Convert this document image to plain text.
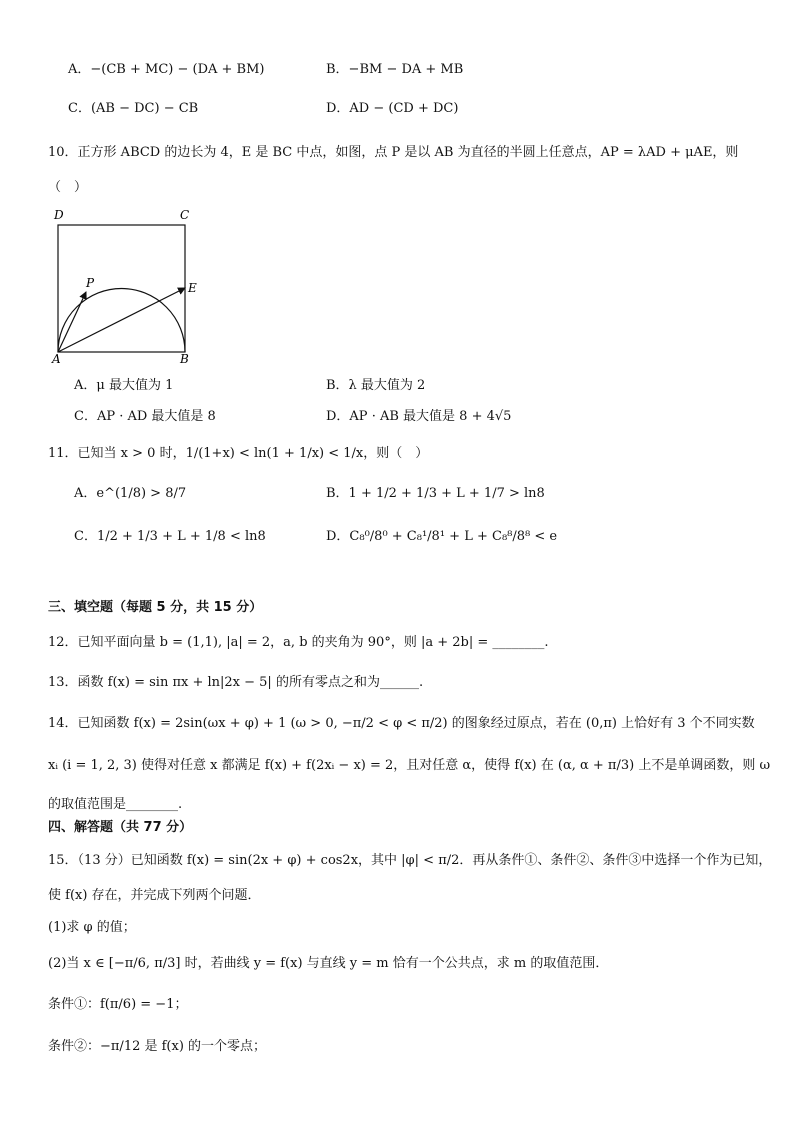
A．−(CB + MC) − (DA + BM)	B．−BM − DA + MB
C．(AB − DC) − CB	D．AD − (CD + DC)
10．正方形 ABCD 的边长为 4，E 是 BC 中点，如图，点 P 是以 AB 为直径的半圆上任意点，AP = λAD + μAE，则
（　）
D	C
A	B
P	E
A．μ 最大值为 1	B．λ 最大值为 2
C．AP · AD 最大值是 8	D．AP · AB 最大值是 8 + 4√5
11．已知当 x > 0 时，1/(1+x) < ln(1 + 1/x) < 1/x，则（　）
A．e^(1/8) > 8/7	B．1 + 1/2 + 1/3 + L + 1/7 > ln8
C．1/2 + 1/3 + L + 1/8 < ln8	D．C₈⁰/8⁰ + C₈¹/8¹ + L + C₈⁸/8⁸ < e
三、填空题（每题 5 分，共 15 分）
12．已知平面向量 b = (1,1), |a| = 2，a, b 的夹角为 90°，则 |a + 2b| = ________.
13．函数 f(x) = sin πx + ln|2x − 5| 的所有零点之和为______.
14．已知函数 f(x) = 2sin(ωx + φ) + 1 (ω > 0, −π/2 < φ < π/2) 的图象经过原点，若在 (0,π) 上恰好有 3 个不同实数
xᵢ (i = 1, 2, 3) 使得对任意 x 都满足 f(x) + f(2xᵢ − x) = 2，且对任意 α，使得 f(x) 在 (α, α + π/3) 上不是单调函数，则 ω
的取值范围是________.
四、解答题（共 77 分）
15．（13 分）已知函数 f(x) = sin(2x + φ) + cos2x，其中 |φ| < π/2．再从条件①、条件②、条件③中选择一个作为已知，
使 f(x) 存在，并完成下列两个问题．
(1)求 φ 的值；
(2)当 x ∈ [−π/6, π/3] 时，若曲线 y = f(x) 与直线 y = m 恰有一个公共点，求 m 的取值范围．
条件①：f(π/6) = −1；
条件②：−π/12 是 f(x) 的一个零点；
